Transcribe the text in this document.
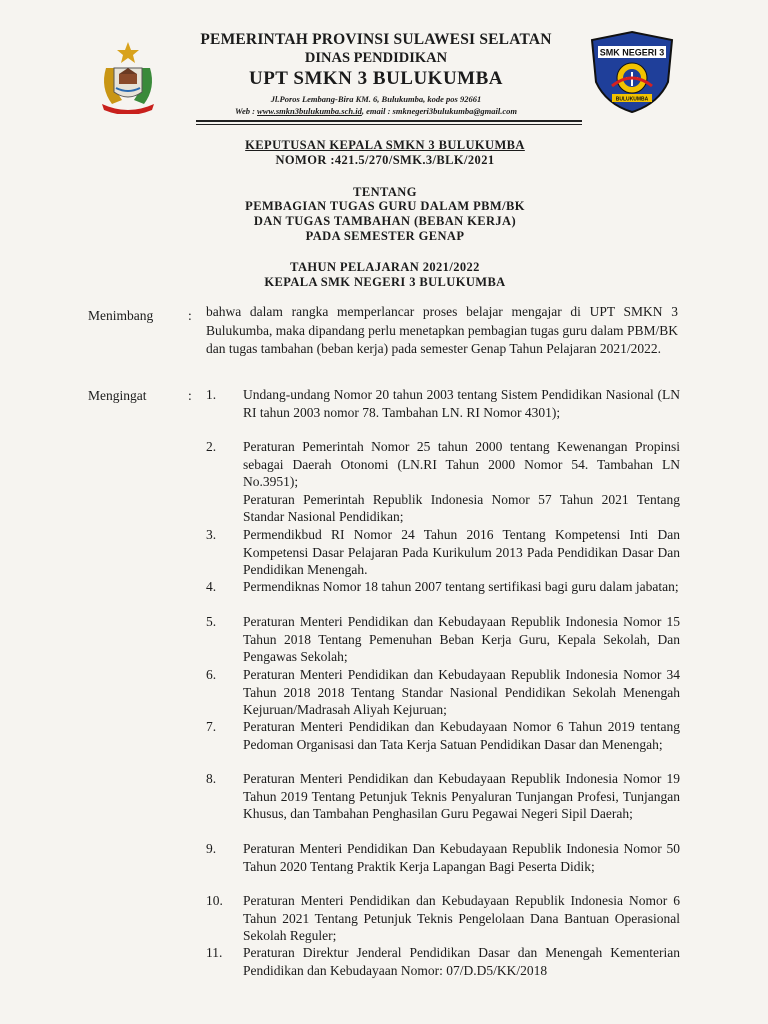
PEMERINTAH PROVINSI SULAWESI SELATAN
DINAS PENDIDIKAN
UPT SMKN 3 BULUKUMBA
Jl.Poros Lembang-Bira KM. 6, Bulukumba, kode pos 92661
Web : www.smkn3bulukumba.sch.id, email : smknegeri3bulukumba@gmail.com
SMK NEGERI 3
BULUKUMBA
KEPUTUSAN KEPALA SMKN 3 BULUKUMBA
NOMOR :421.5/270/SMK.3/BLK/2021
TENTANG
PEMBAGIAN TUGAS GURU DALAM PBM/BK
DAN TUGAS TAMBAHAN (BEBAN KERJA)
PADA SEMESTER GENAP
TAHUN PELAJARAN 2021/2022
KEPALA SMK NEGERI 3 BULUKUMBA
Menimbang	: bahwa dalam rangka memperlancar proses belajar mengajar di UPT SMKN 3 Bulukumba, maka dipandang perlu menetapkan pembagian tugas guru dalam PBM/BK dan tugas tambahan (beban kerja) pada semester Genap Tahun Pelajaran 2021/2022.
Mengingat	: 1.	Undang-undang Nomor 20 tahun 2003 tentang Sistem Pendidikan Nasional (LN RI tahun 2003 nomor 78. Tambahan LN. RI Nomor 4301);
2.	Peraturan Pemerintah Nomor 25 tahun 2000 tentang Kewenangan Propinsi sebagai Daerah Otonomi (LN.RI Tahun 2000 Nomor 54. Tambahan LN No.3951);
Peraturan Pemerintah Republik Indonesia Nomor 57 Tahun 2021 Tentang Standar Nasional Pendidikan;
3.	Permendikbud RI Nomor 24 Tahun 2016 Tentang Kompetensi Inti Dan Kompetensi Dasar Pelajaran Pada Kurikulum 2013 Pada Pendidikan Dasar Dan Pendidikan Menengah.
4.	Permendiknas Nomor 18 tahun 2007 tentang sertifikasi bagi guru dalam jabatan;
5.	Peraturan Menteri Pendidikan dan Kebudayaan Republik Indonesia Nomor 15 Tahun 2018 Tentang Pemenuhan Beban Kerja Guru, Kepala Sekolah, Dan Pengawas Sekolah;
6.	Peraturan Menteri Pendidikan dan Kebudayaan Republik Indonesia Nomor 34 Tahun 2018 2018 Tentang Standar Nasional Pendidikan Sekolah Menengah Kejuruan/Madrasah Aliyah Kejuruan;
7.	Peraturan Menteri Pendidikan dan Kebudayaan Nomor 6 Tahun 2019 tentang Pedoman Organisasi dan Tata Kerja Satuan Pendidikan Dasar dan Menengah;
8.	Peraturan Menteri Pendidikan dan Kebudayaan Republik Indonesia Nomor 19 Tahun 2019 Tentang Petunjuk Teknis Penyaluran Tunjangan Profesi, Tunjangan Khusus, dan Tambahan Penghasilan Guru Pegawai Negeri Sipil Daerah;
9.	Peraturan Menteri Pendidikan Dan Kebudayaan Republik Indonesia Nomor 50 Tahun 2020 Tentang Praktik Kerja Lapangan Bagi Peserta Didik;
10.	Peraturan Menteri Pendidikan dan Kebudayaan Republik Indonesia Nomor 6 Tahun 2021 Tentang Petunjuk Teknis Pengelolaan Dana Bantuan Operasional Sekolah Reguler;
11.	Peraturan Direktur Jenderal Pendidikan Dasar dan Menengah Kementerian Pendidikan dan Kebudayaan Nomor: 07/D.D5/KK/2018
